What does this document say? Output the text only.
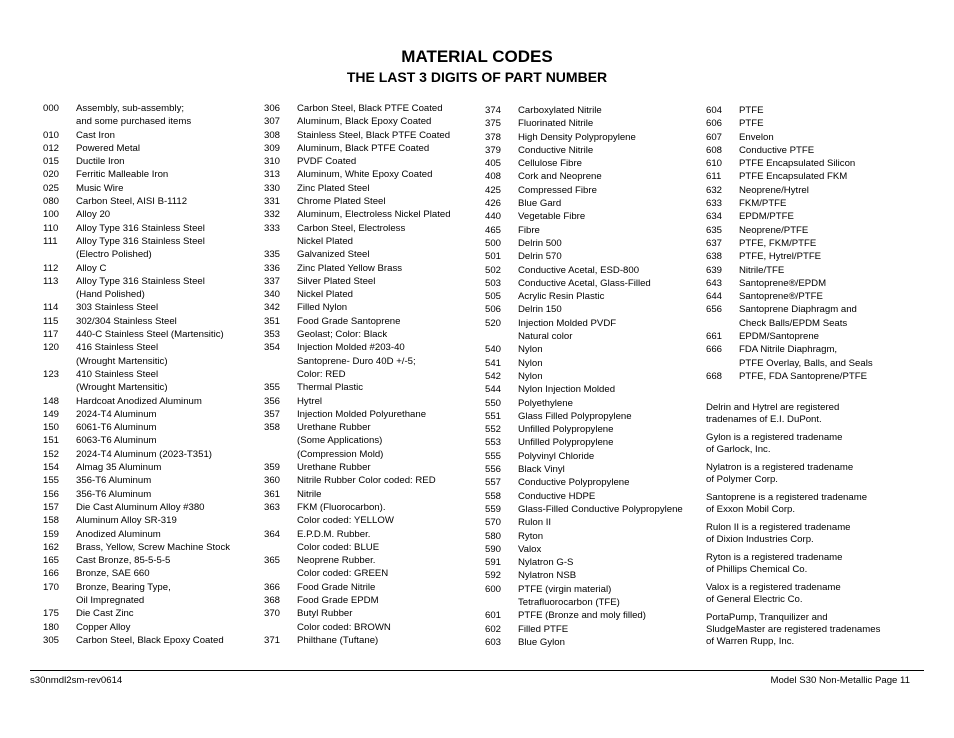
MATERIAL CODES
THE LAST 3 DIGITS OF PART NUMBER
000 Assembly, sub-assembly;
and some purchased items
010 Cast Iron
012 Powered Metal
015 Ductile Iron
020 Ferritic Malleable Iron
025 Music Wire
080 Carbon Steel, AISI B-1112
100 Alloy 20
110 Alloy Type 316 Stainless Steel
111 Alloy Type 316 Stainless Steel
(Electro Polished)
112 Alloy C
113 Alloy Type 316 Stainless Steel
(Hand Polished)
114 303 Stainless Steel
115 302/304 Stainless Steel
117 440-C Stainless Steel (Martensitic)
120 416 Stainless Steel
(Wrought Martensitic)
123 410 Stainless Steel
(Wrought Martensitic)
148 Hardcoat Anodized Aluminum
149 2024-T4 Aluminum
150 6061-T6 Aluminum
151 6063-T6 Aluminum
152 2024-T4 Aluminum (2023-T351)
154 Almag 35 Aluminum
155 356-T6 Aluminum
156 356-T6 Aluminum
157 Die Cast Aluminum Alloy #380
158 Aluminum Alloy SR-319
159 Anodized Aluminum
162 Brass, Yellow, Screw Machine Stock
165 Cast Bronze, 85-5-5-5
166 Bronze, SAE 660
170 Bronze, Bearing Type,
Oil Impregnated
175 Die Cast Zinc
180 Copper Alloy
305 Carbon Steel, Black Epoxy Coated
306 Carbon Steel, Black PTFE Coated
307 Aluminum, Black Epoxy Coated
308 Stainless Steel, Black PTFE Coated
309 Aluminum, Black PTFE Coated
310 PVDF Coated
313 Aluminum, White Epoxy Coated
330 Zinc Plated Steel
331 Chrome Plated Steel
332 Aluminum, Electroless Nickel Plated
333 Carbon Steel, Electroless
Nickel Plated
335 Galvanized Steel
336 Zinc Plated Yellow Brass
337 Silver Plated Steel
340 Nickel Plated
342 Filled Nylon
351 Food Grade Santoprene
353 Geolast; Color: Black
354 Injection Molded #203-40
Santoprene- Duro 40D +/-5;
Color: RED
355 Thermal Plastic
356 Hytrel
357 Injection Molded Polyurethane
358 Urethane Rubber
(Some Applications)
(Compression Mold)
359 Urethane Rubber
360 Nitrile Rubber Color coded: RED
361 Nitrile
363 FKM (Fluorocarbon).
Color coded: YELLOW
364 E.P.D.M. Rubber.
Color coded: BLUE
365 Neoprene Rubber.
Color coded: GREEN
366 Food Grade Nitrile
368 Food Grade EPDM
370 Butyl Rubber
Color coded: BROWN
371 Philthane (Tuftane)
374 Carboxylated Nitrile
375 Fluorinated Nitrile
378 High Density Polypropylene
379 Conductive Nitrile
405 Cellulose Fibre
408 Cork and Neoprene
425 Compressed Fibre
426 Blue Gard
440 Vegetable Fibre
465 Fibre
500 Delrin 500
501 Delrin 570
502 Conductive Acetal, ESD-800
503 Conductive Acetal, Glass-Filled
505 Acrylic Resin Plastic
506 Delrin 150
520 Injection Molded PVDF
Natural color
540 Nylon
541 Nylon
542 Nylon
544 Nylon Injection Molded
550 Polyethylene
551 Glass Filled Polypropylene
552 Unfilled Polypropylene
553 Unfilled Polypropylene
555 Polyvinyl Chloride
556 Black Vinyl
557 Conductive Polypropylene
558 Conductive HDPE
559 Glass-Filled Conductive Polypropylene
570 Rulon II
580 Ryton
590 Valox
591 Nylatron G-S
592 Nylatron NSB
600 PTFE (virgin material)
Tetrafluorocarbon (TFE)
601 PTFE (Bronze and moly filled)
602 Filled PTFE
603 Blue Gylon
604 PTFE
606 PTFE
607 Envelon
608 Conductive PTFE
610 PTFE Encapsulated Silicon
611 PTFE Encapsulated FKM
632 Neoprene/Hytrel
633 FKM/PTFE
634 EPDM/PTFE
635 Neoprene/PTFE
637 PTFE, FKM/PTFE
638 PTFE, Hytrel/PTFE
639 Nitrile/TFE
643 Santoprene®/EPDM
644 Santoprene®/PTFE
656 Santoprene Diaphragm and
Check Balls/EPDM Seats
661 EPDM/Santoprene
666 FDA Nitrile Diaphragm,
PTFE Overlay, Balls, and Seals
668 PTFE, FDA Santoprene/PTFE
Delrin and Hytrel are registered
tradenames of E.I. DuPont.
Gylon is a registered tradename
of Garlock, Inc.
Nylatron is a registered tradename
of Polymer Corp.
Santoprene is a registered tradename
of Exxon Mobil Corp.
Rulon II is a registered tradename
of Dixion Industries Corp.
Ryton is a registered tradename
of Phillips Chemical Co.
Valox is a registered tradename
of General Electric Co.
PortaPump, Tranquilizer and
SludgeMaster are registered tradenames
of Warren Rupp, Inc.
s30nmdl2sm-rev0614	Model S30 Non-Metallic Page 11
